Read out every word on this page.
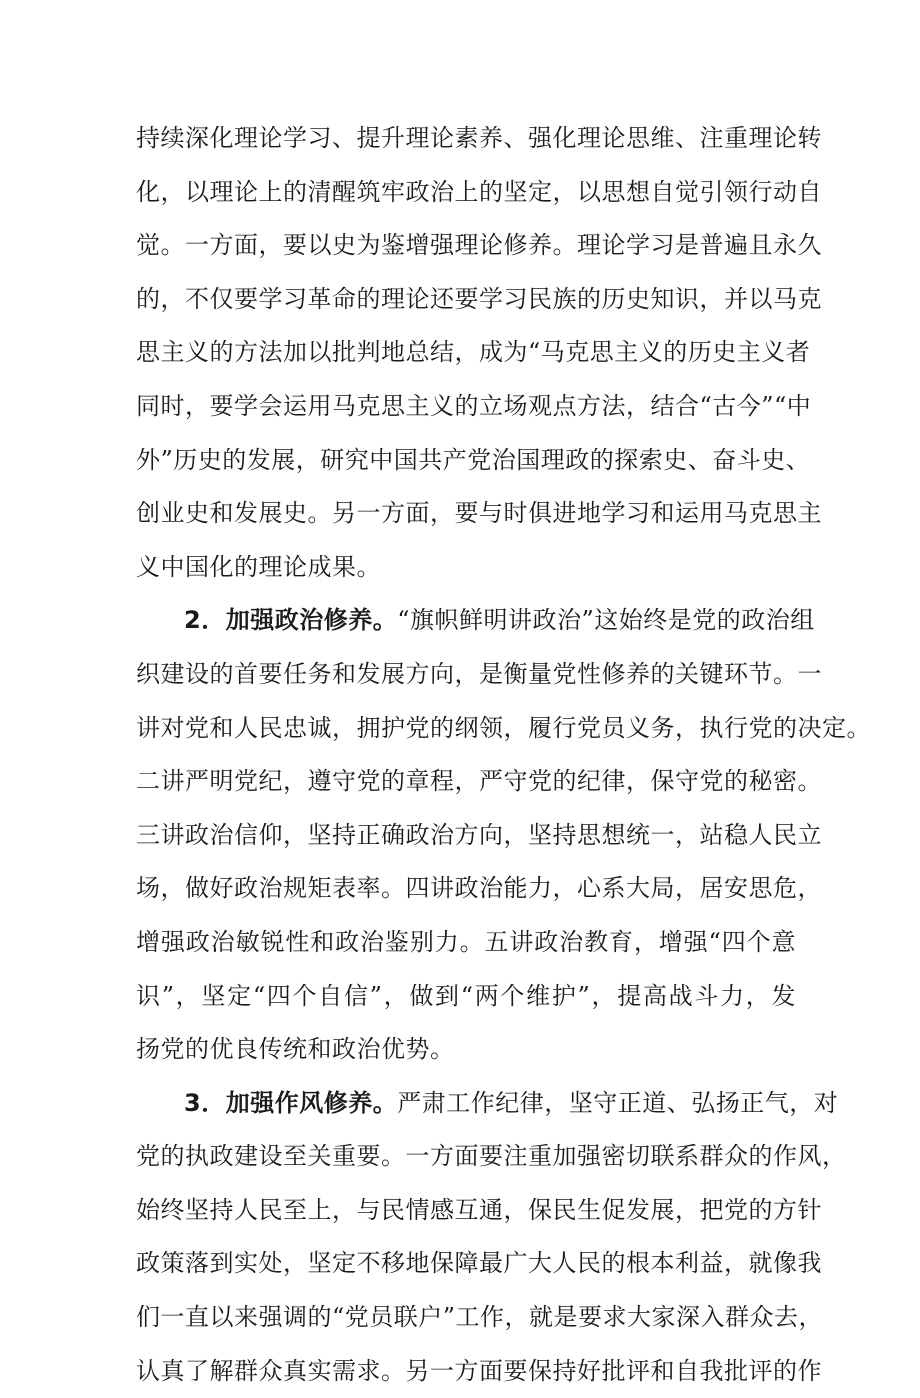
持续深化理论学习、提升理论素养、强化理论思维、注重理论转
化，以理论上的清醒筑牢政治上的坚定，以思想自觉引领行动自
觉。一方面，要以史为鉴增强理论修养。理论学习是普遍且永久
的，不仅要学习革命的理论还要学习民族的历史知识，并以马克
思主义的方法加以批判地总结，成为“马克思主义的历史主义者
同时，要学会运用马克思主义的立场观点方法，结合“古今”“中
外”历史的发展，研究中国共产党治国理政的探索史、奋斗史、
创业史和发展史。另一方面，要与时俱进地学习和运用马克思主
义中国化的理论成果。
2．加强政治修养。“旗帜鲜明讲政治”这始终是党的政治组
织建设的首要任务和发展方向，是衡量党性修养的关键环节。一
讲对党和人民忠诚，拥护党的纲领，履行党员义务，执行党的决定。
二讲严明党纪，遵守党的章程，严守党的纪律，保守党的秘密。
三讲政治信仰，坚持正确政治方向，坚持思想统一，站稳人民立
场，做好政治规矩表率。四讲政治能力，心系大局，居安思危，
增强政治敏锐性和政治鉴别力。五讲政治教育，增强“四个意
识”，坚定“四个自信”，做到“两个维护”，提高战斗力，发
扬党的优良传统和政治优势。
3．加强作风修养。严肃工作纪律，坚守正道、弘扬正气，对
党的执政建设至关重要。一方面要注重加强密切联系群众的作风，
始终坚持人民至上，与民情感互通，保民生促发展，把党的方针
政策落到实处，坚定不移地保障最广大人民的根本利益，就像我
们一直以来强调的“党员联户”工作，就是要求大家深入群众去，
认真了解群众真实需求。另一方面要保持好批评和自我批评的作
